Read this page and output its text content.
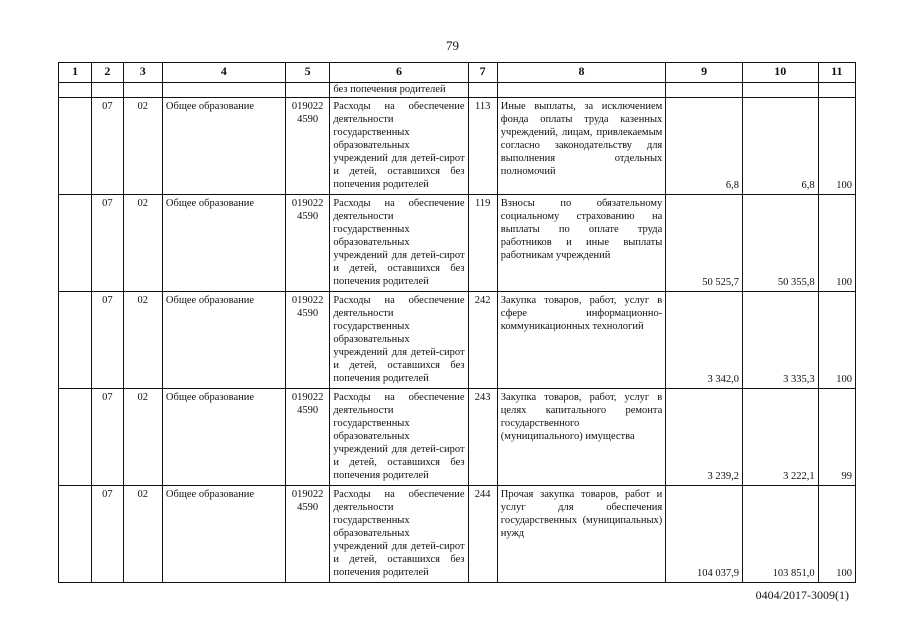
79
1	2	3	4	5	6	7	8	9	10	11
					без попечения родителей					
	07	02	Общее образование	019022 4590	Расходы на обеспечение деятельности государственных образовательных учреждений для детей-сирот и детей, оставшихся без попечения родителей	113	Иные выплаты, за исключением фонда оплаты труда казенных учреждений, лицам, привлекаемым согласно законодательству для выполнения отдельных полномочий	6,8	6,8	100
	07	02	Общее образование	019022 4590	Расходы на обеспечение деятельности государственных образовательных учреждений для детей-сирот и детей, оставшихся без попечения родителей	119	Взносы по обязательному социальному страхованию на выплаты по оплате труда работников и иные выплаты работникам учреждений	50 525,7	50 355,8	100
	07	02	Общее образование	019022 4590	Расходы на обеспечение деятельности государственных образовательных учреждений для детей-сирот и детей, оставшихся без попечения родителей	242	Закупка товаров, работ, услуг в сфере информационно-коммуникационных технологий	3 342,0	3 335,3	100
	07	02	Общее образование	019022 4590	Расходы на обеспечение деятельности государственных образовательных учреждений для детей-сирот и детей, оставшихся без попечения родителей	243	Закупка товаров, работ, услуг в целях капитального ремонта государственного (муниципального) имущества	3 239,2	3 222,1	99
	07	02	Общее образование	019022 4590	Расходы на обеспечение деятельности государственных образовательных учреждений для детей-сирот и детей, оставшихся без попечения родителей	244	Прочая закупка товаров, работ и услуг для обеспечения государственных (муниципальных) нужд	104 037,9	103 851,0	100
0404/2017-3009(1)
